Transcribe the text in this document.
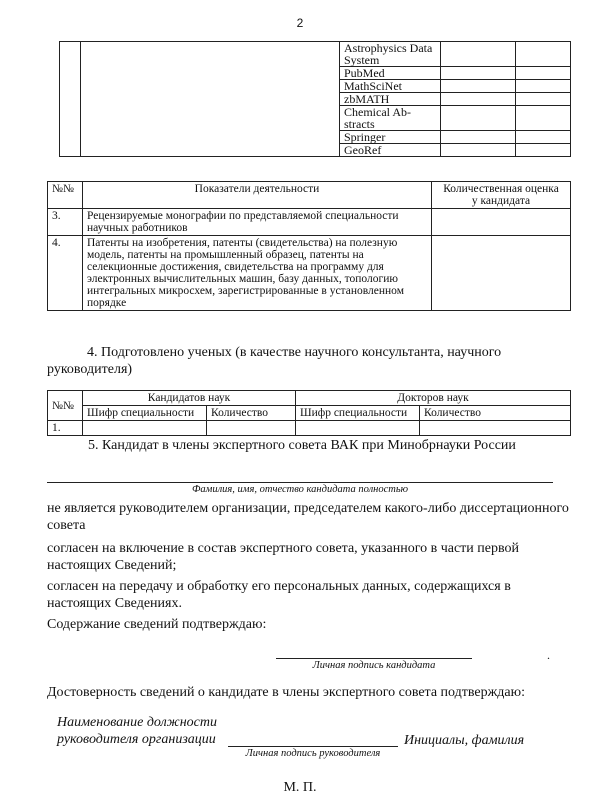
2
		Astrophysics Data
System		
		PubMed		
		MathSciNet		
		zbMATH		
		Chemical Ab-
stracts		
		Springer		
		GeoRef		
№№	Показатели деятельности	Количественная оценка
у кандидата
3.	Рецензируемые монографии по представляемой специальности научных работников	
4.	Патенты на изобретения, патенты (свидетельства) на полезную модель, патенты на промышленный образец, патенты на селекционные достижения, свидетельства на программу для электронных вычислительных машин, базу данных, топологию интегральных микросхем, зарегистрированные в установленном порядке	
4. Подготовлено ученых (в качестве научного консультанта, научного руководителя)
№№	Кандидатов наук		Докторов наук	
	Шифр специальности	Количество	Шифр специальности	Количество
1.				
5. Кандидат в члены экспертного совета ВАК при Минобрнауки России
Фамилия, имя, отчество кандидата полностью
не является руководителем организации, председателем какого-либо диссертационного совета
согласен на включение в состав экспертного совета, указанного в части первой настоящих Сведений;
согласен на передачу и обработку его персональных данных, содержащихся в настоящих Сведениях.
Содержание сведений подтверждаю:
Личная подпись кандидата
.
Достоверность сведений о кандидате в члены экспертного совета подтверждаю:
Наименование должности
руководителя организации
Личная подпись руководителя
Инициалы, фамилия
М. П.
